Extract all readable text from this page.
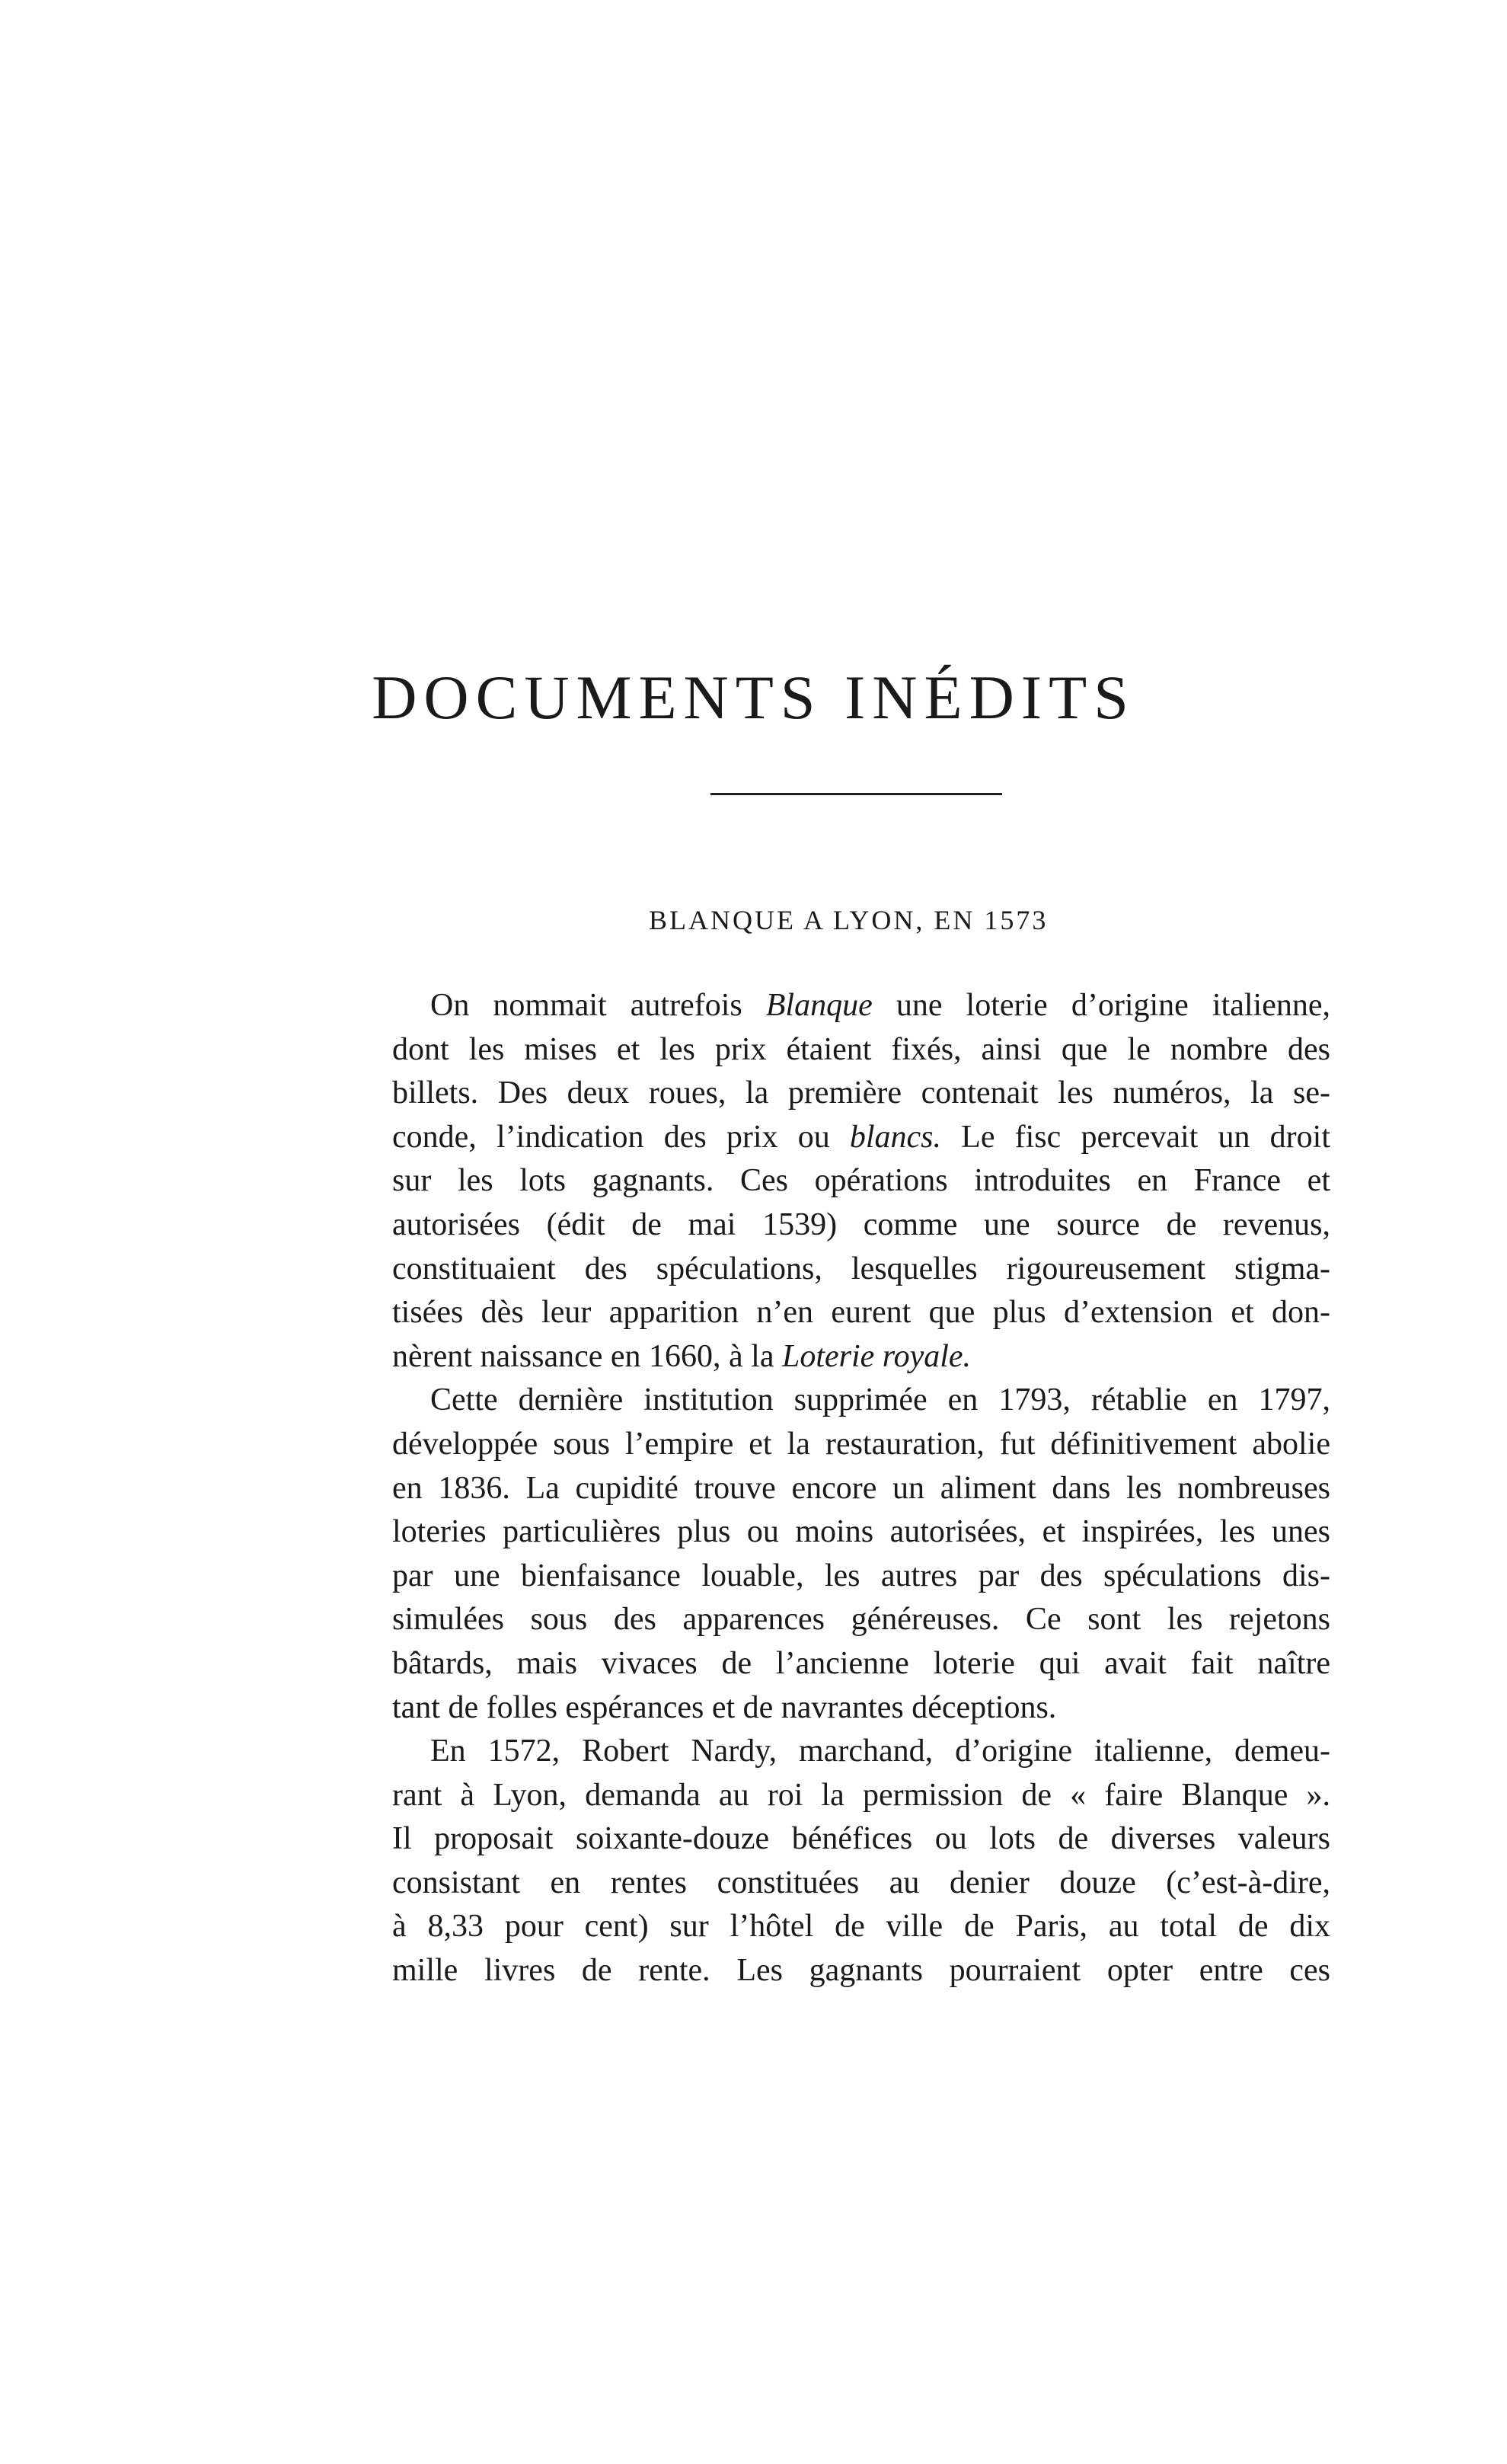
DOCUMENTS INÉDITS
BLANQUE A LYON, EN 1573
On nommait autrefois Blanque une loterie d’origine italienne,
dont les mises et les prix étaient fixés, ainsi que le nombre des
billets. Des deux roues, la première contenait les numéros, la se-
conde, l’indication des prix ou blancs. Le fisc percevait un droit
sur les lots gagnants. Ces opérations introduites en France et
autorisées (édit de mai 1539) comme une source de revenus,
constituaient des spéculations, lesquelles rigoureusement stigma-
tisées dès leur apparition n’en eurent que plus d’extension et don-
nèrent naissance en 1660, à la Loterie royale.
Cette dernière institution supprimée en 1793, rétablie en 1797,
développée sous l’empire et la restauration, fut définitivement abolie
en 1836. La cupidité trouve encore un aliment dans les nombreuses
loteries particulières plus ou moins autorisées, et inspirées, les unes
par une bienfaisance louable, les autres par des spéculations dis-
simulées sous des apparences généreuses. Ce sont les rejetons
bâtards, mais vivaces de l’ancienne loterie qui avait fait naître
tant de folles espérances et de navrantes déceptions.
En 1572, Robert Nardy, marchand, d’origine italienne, demeu-
rant à Lyon, demanda au roi la permission de « faire Blanque ».
Il proposait soixante-douze bénéfices ou lots de diverses valeurs
consistant en rentes constituées au denier douze (c’est-à-dire,
à 8,33 pour cent) sur l’hôtel de ville de Paris, au total de dix
mille livres de rente. Les gagnants pourraient opter entre ces
